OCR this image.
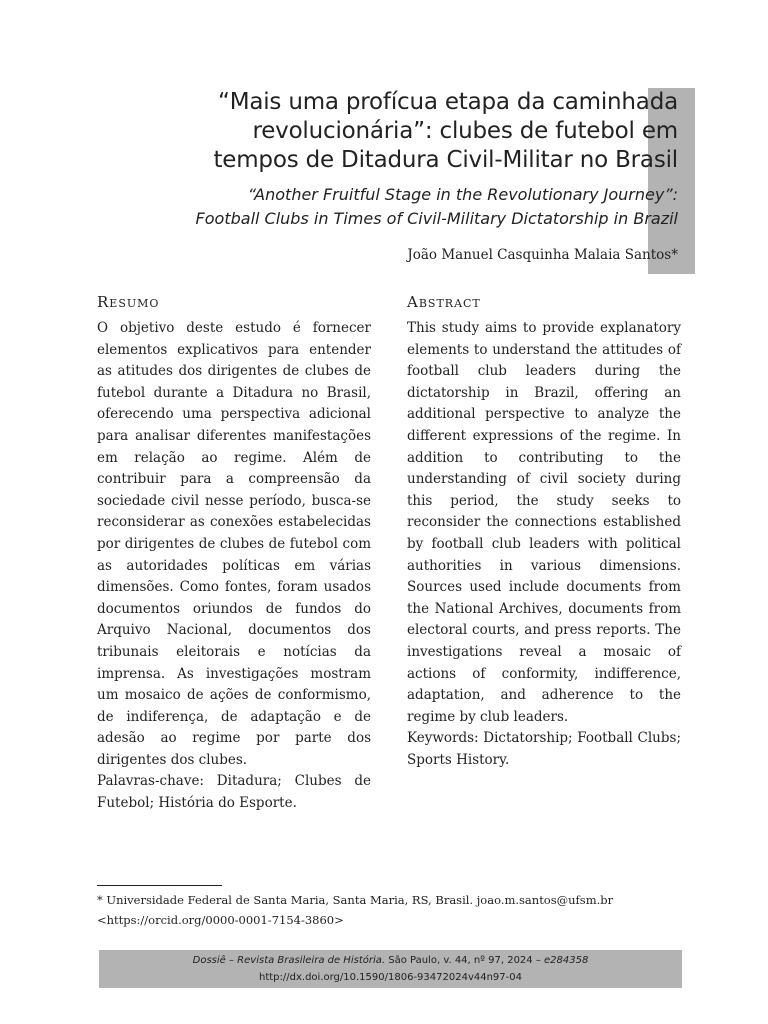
“Mais uma profícua etapa da caminhada
revolucionária”: clubes de futebol em
tempos de Ditadura Civil-Militar no Brasil

“Another Fruitful Stage in the Revolutionary Journey”:
Football Clubs in Times of Civil-Military Dictatorship in Brazil

João Manuel Casquinha Malaia Santos*
Resumo

O objetivo deste estudo é fornecer elementos explicativos para entender as atitudes dos dirigentes de clubes de futebol durante a Ditadura no Brasil, oferecendo uma perspectiva adicional para analisar diferentes manifestações em relação ao regime. Além de contribuir para a compreensão da sociedade civil nesse período, busca-se reconsiderar as conexões estabelecidas por dirigentes de clubes de futebol com as autoridades políticas em várias dimensões. Como fontes, foram usados documentos oriundos de fundos do Arquivo Nacional, documentos dos tribunais eleitorais e notícias da imprensa. As investigações mostram um mosaico de ações de conformismo, de indiferença, de adaptação e de adesão ao regime por parte dos dirigentes dos clubes.

Palavras-chave: Ditadura; Clubes de Futebol; História do Esporte.

Abstract

This study aims to provide explanatory elements to understand the attitudes of football club leaders during the dictatorship in Brazil, offering an additional perspective to analyze the different expressions of the regime. In addition to contributing to the understanding of civil society during this period, the study seeks to reconsider the connections established by football club leaders with political authorities in various dimensions. Sources used include documents from the National Archives, documents from electoral courts, and press reports. The investigations reveal a mosaic of actions of conformity, indifference, adaptation, and adherence to the regime by club leaders.

Keywords: Dictatorship; Football Clubs; Sports History.

* Universidade Federal de Santa Maria, Santa Maria, RS, Brasil. joao.m.santos@ufsm.br <https://orcid.org/0000-0001-7154-3860>
Dossiê – Revista Brasileira de História. São Paulo, v. 44, nº 97, 2024 – e284358
http://dx.doi.org/10.1590/1806-93472024v44n97-04
